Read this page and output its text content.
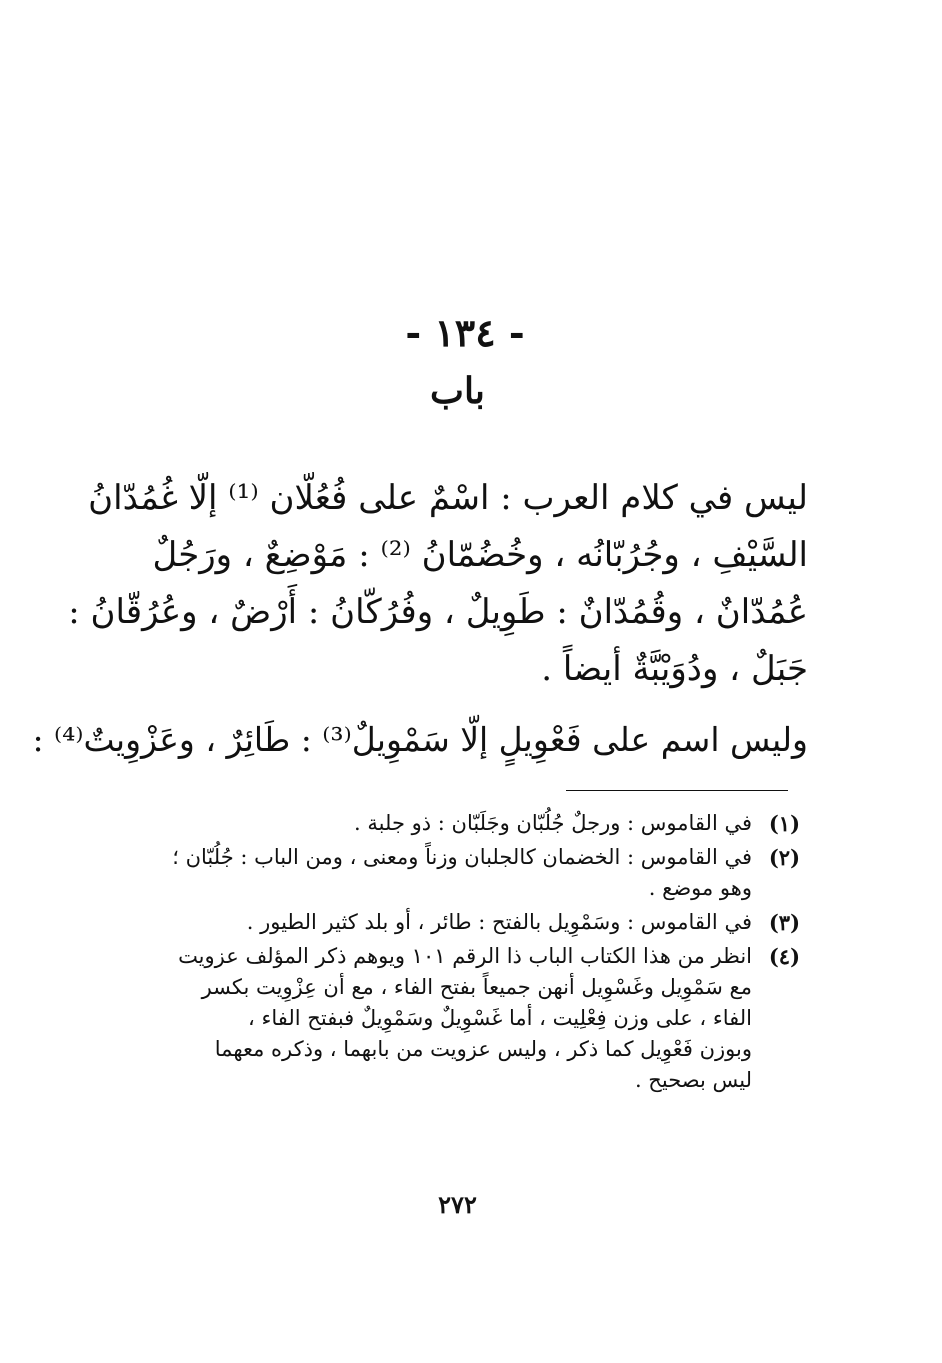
- ١٣٤ -
باب
ليس في كلام العرب : اسْمٌ على فُعُلّان ⁽¹⁾ إلّا غُمُدّانُ
السَّيْفِ ، وجُرُبّانُه ، وخُضُمّانُ ⁽²⁾ : مَوْضِعٌ ، ورَجُلٌ
عُمُدّانٌ ، وقُمُدّانٌ : طَوِيلٌ ، وفُرُكّانُ : أَرْضٌ ، وعُرُقّانُ :
جَبَلٌ ، ودُوَيْبَّةٌ أيضاً .
وليس اسم على فَعْوِيلٍ إلّا سَمْوِيلٌ⁽³⁾ : طَائِرٌ ، وعَزْوِيتٌ⁽⁴⁾ :
(١)
في القاموس : ورجلٌ جُلُبّان وجَلَبّان : ذو جلبة .
(٢)
في القاموس : الخضمان كالجلبان وزناً ومعنى ، ومن الباب : جُلُبّان ؛
وهو موضع .
(٣)
في القاموس : وسَمْوِيل بالفتح : طائر ، أو بلد كثير الطيور .
(٤)
انظر من هذا الكتاب الباب ذا الرقم ١٠١ ويوهم ذكر المؤلف عزويت
مع سَمْوِيل وغَسْوِيل أنهن جميعاً بفتح الفاء ، مع أن عِزْوِيت بكسر
الفاء ، على وزن فِعْلِيت ، أما غَسْوِيلٌ وسَمْوِيلٌ فبفتح الفاء ،
وبوزن فَعْوِيل كما ذكر ، وليس عزويت من بابهما ، وذكره معهما
ليس بصحيح .
٢٧٢
